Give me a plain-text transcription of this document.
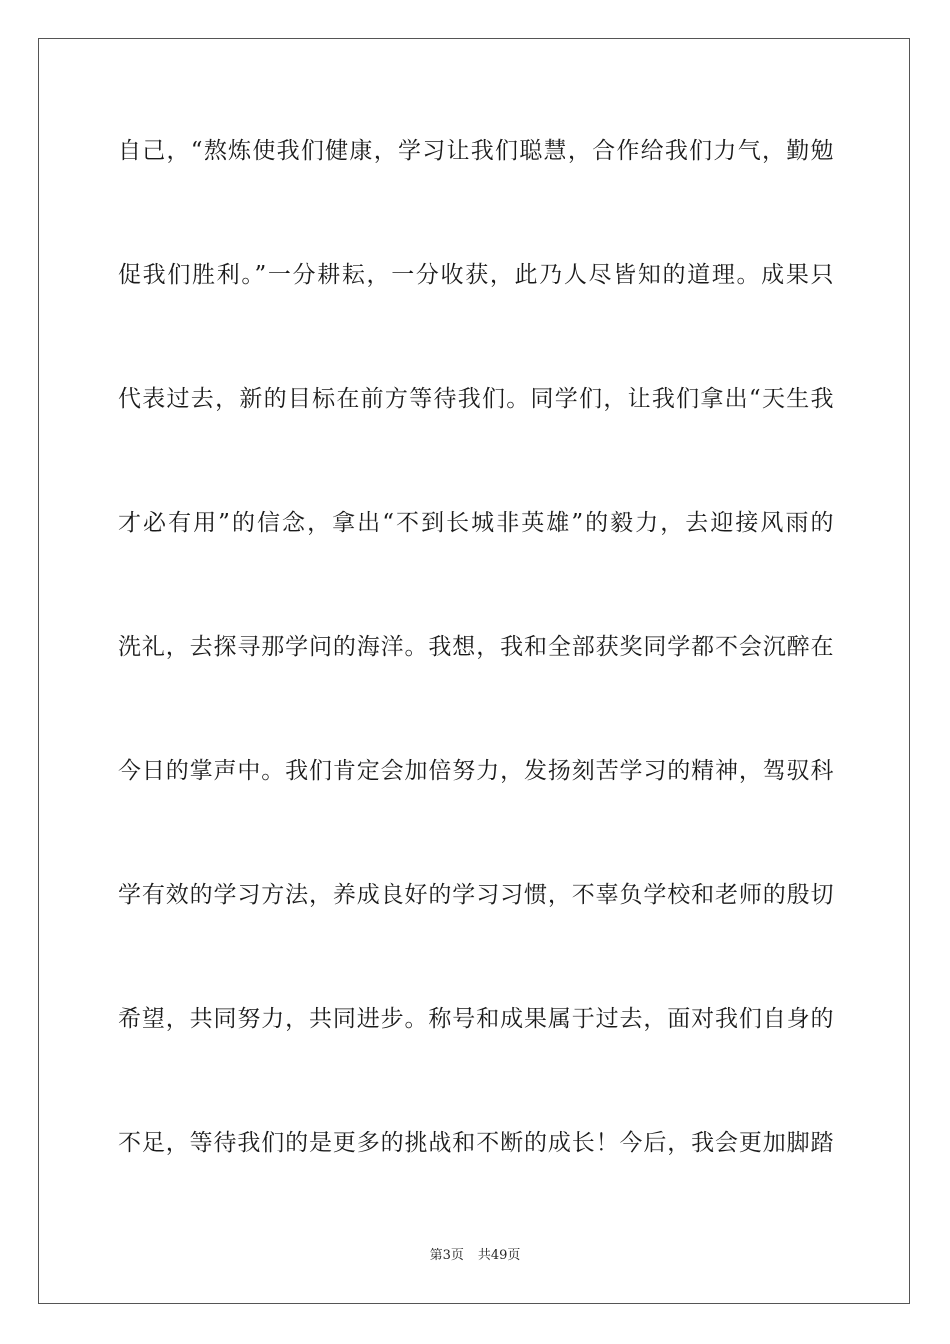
自己，“熬炼使我们健康，学习让我们聪慧，合作给我们力气，勤勉
促我们胜利。”一分耕耘，一分收获，此乃人尽皆知的道理。成果只
代表过去，新的目标在前方等待我们。同学们，让我们拿出“天生我
才必有用”的信念，拿出“不到长城非英雄”的毅力，去迎接风雨的
洗礼，去探寻那学问的海洋。我想，我和全部获奖同学都不会沉醉在
今日的掌声中。我们肯定会加倍努力，发扬刻苦学习的精神，驾驭科
学有效的学习方法，养成良好的学习习惯，不辜负学校和老师的殷切
希望，共同努力，共同进步。称号和成果属于过去，面对我们自身的
不足，等待我们的是更多的挑战和不断的成长！今后，我会更加脚踏
第3页 共49页
